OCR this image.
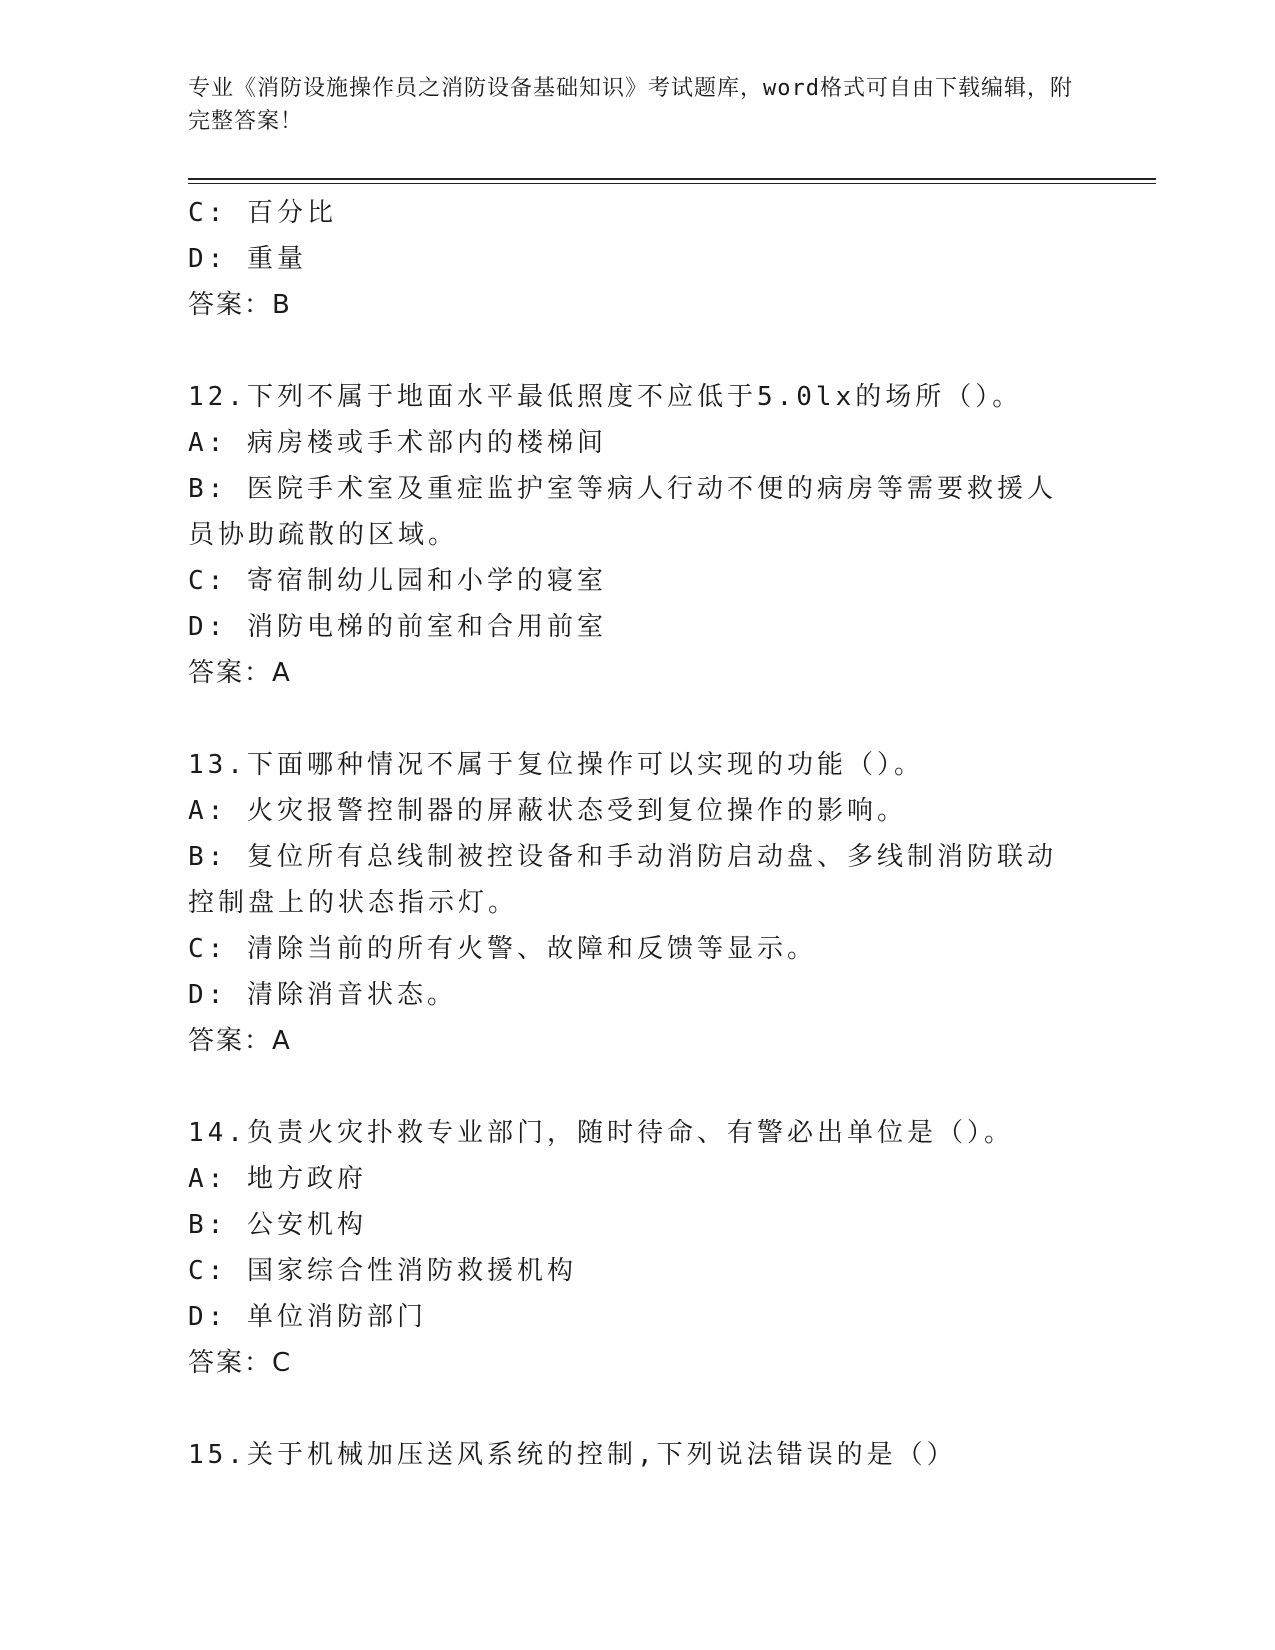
专业《消防设施操作员之消防设备基础知识》考试题库，word格式可自由下载编辑，附完整答案！
C: 百分比
D: 重量
答案：B
12.下列不属于地面水平最低照度不应低于5.0lx的场所（）。
A: 病房楼或手术部内的楼梯间
B: 医院手术室及重症监护室等病人行动不便的病房等需要救援人员协助疏散的区域。
C: 寄宿制幼儿园和小学的寝室
D: 消防电梯的前室和合用前室
答案：A
13.下面哪种情况不属于复位操作可以实现的功能（）。
A: 火灾报警控制器的屏蔽状态受到复位操作的影响。
B: 复位所有总线制被控设备和手动消防启动盘、多线制消防联动控制盘上的状态指示灯。
C: 清除当前的所有火警、故障和反馈等显示。
D: 清除消音状态。
答案：A
14.负责火灾扑救专业部门，随时待命、有警必出单位是（）。
A: 地方政府
B: 公安机构
C: 国家综合性消防救援机构
D: 单位消防部门
答案：C
15.关于机械加压送风系统的控制,下列说法错误的是（）
